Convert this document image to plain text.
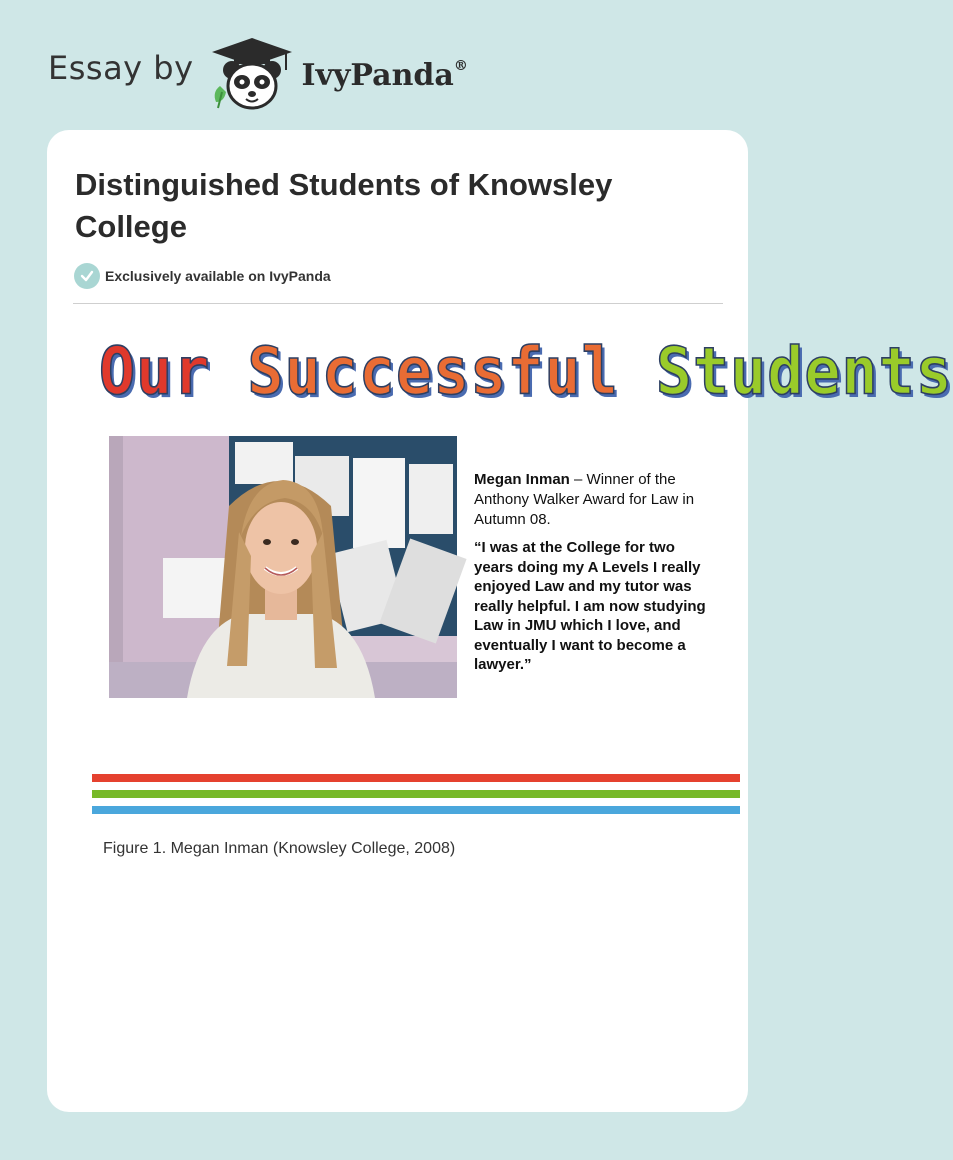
Essay by	IvyPanda®
Distinguished Students of Knowsley College
Exclusively available on IvyPanda
Our Successful Students

Megan Inman – Winner of the Anthony Walker Award for Law in Autumn 08.

“I was at the College for two years doing my A Levels I really enjoyed Law and my tutor was really helpful. I am now studying Law in JMU which I love, and eventually I want to become a lawyer.”

Figure 1. Megan Inman (Knowsley College, 2008)
